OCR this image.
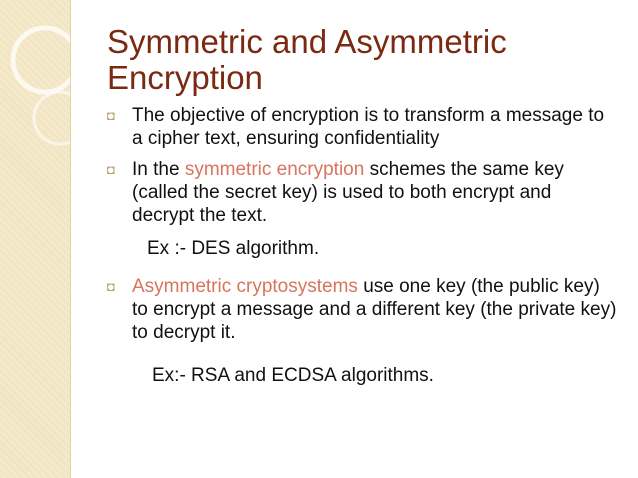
Symmetric and Asymmetric Encryption
◘ The objective of encryption is to transform a message to a cipher text, ensuring confidentiality
◘ In the symmetric encryption schemes the same key (called the secret key) is used to both encrypt and decrypt the text.
Ex :- DES algorithm.
◘ Asymmetric cryptosystems use one key (the public key) to encrypt a message and a different key (the private key) to decrypt it.
Ex:- RSA and ECDSA algorithms.
